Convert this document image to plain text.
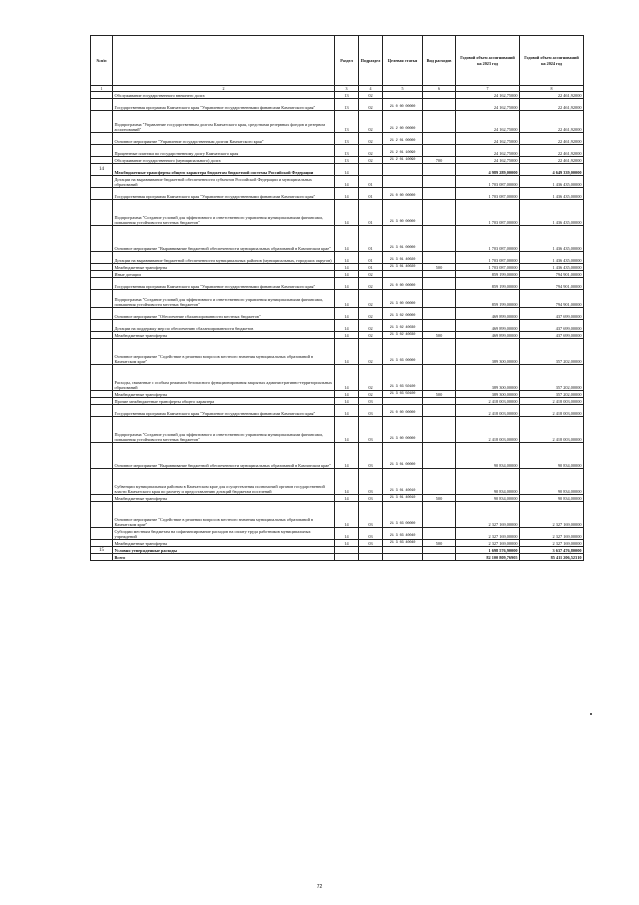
№п/п		Раздел	Подраздел	Целевая статья	Вид расходов	Годовой объем ассигнований на 2023 год	Годовой объем ассигнований на 2024 год
1	2	3	4	5	6	7	8
	Обслуживание государственного внешнего долга	13	02			24 162,75000	22 461,92000
	Государственная программа Камчатского края "Управление государственными финансами Камчатского края"	13	02	21 0 00 00000		24 162,75000	22 461,92000
	Подпрограмма "Управление государственным долгом Камчатского края, средствами резервных фондов и резервом ассигнований"	13	02	21 2 00 00000		24 162,75000	22 461,92000
	Основное мероприятие "Управление государственным долгом Камчатского края"	13	02	21 2 01 00000		24 162,75000	22 461,92000
	Процентные платежи по государственному долгу Камчатского края	13	02	21 2 01 10090		24 162,75000	22 461,92000
	Обслуживание государственного (муниципального) долга	13	02	21 2 01 10090	700	24 162,75000	22 461,92000
14	Межбюджетные трансферты общего характера бюджетам бюджетной системы Российской Федерации	14				4 989 289,00000	4 649 339,00000
	Дотации на выравнивание бюджетной обеспеченности субъектов Российской Федерации и муниципальных образований	14	01			1 703 087,00000	1 436 435,00000
	Государственная программа Камчатского края "Управление государственными финансами Камчатского края"	14	01	21 0 00 00000		1 703 087,00000	1 436 435,00000
	Подпрограмма "Создание условий для эффективного и ответственного управления муниципальными финансами, повышения устойчивости местных бюджетов"	14	01	21 3 00 00000		1 703 087,00000	1 436 435,00000
	Основное мероприятие "Выравнивание бюджетной обеспеченности муниципальных образований в Камчатском крае"	14	01	21 3 01 00000		1 703 087,00000	1 436 435,00000
	Дотации на выравнивание бюджетной обеспеченности муниципальных районов (муниципальных, городских округов)	14	01	21 3 01 40020		1 703 087,00000	1 436 435,00000
	Межбюджетные трансферты	14	01	21 3 01 40020	500	1 703 087,00000	1 436 435,00000
	Иные дотации	14	02			859 199,00000	794 901,00000
	Государственная программа Камчатского края "Управление государственными финансами Камчатского края"	14	02	21 0 00 00000		859 199,00000	794 901,00000
	Подпрограмма "Создание условий для эффективного и ответственного управления муниципальными финансами, повышения устойчивости местных бюджетов"	14	02	21 3 00 00000		859 199,00000	794 901,00000
	Основное мероприятие "Обеспечение сбалансированности местных бюджетов"	14	02	21 3 02 00000		469 899,00000	437 699,00000
	Дотации на поддержку мер по обеспечению сбалансированности бюджетов	14	02	21 3 02 40030		469 899,00000	437 699,00000
	Межбюджетные трансферты	14	02	21 3 02 40030	500	469 899,00000	437 699,00000
	Основное мероприятие "Содействие в решении вопросов местного значения муниципальных образований в Камчатском крае"	14	02	21 3 03 00000		389 300,00000	357 202,00000
	Расходы, связанные с особым режимом безопасного функционирования закрытых административно-территориальных образований	14	02	21 3 03 50100		389 300,00000	357 202,00000
	Межбюджетные трансферты	14	02	21 3 03 50100	500	389 300,00000	357 202,00000
	Прочие межбюджетные трансферты общего характера	14	03			2 418 003,00000	2 418 003,00000
	Государственная программа Камчатского края "Управление государственными финансами Камчатского края"	14	03	21 0 00 00000		2 418 003,00000	2 418 003,00000
	Подпрограмма "Создание условий для эффективного и ответственного управления муниципальными финансами, повышения устойчивости местных бюджетов"	14	03	21 3 00 00000		2 418 003,00000	2 418 003,00000
	Основное мероприятие "Выравнивание бюджетной обеспеченности муниципальных образований в Камчатском крае"	14	03	21 3 01 00000		90 834,00000	90 834,00000
	Субвенции муниципальным районам в Камчатском крае для осуществления полномочий органов государственной власти Камчатского края по расчету и предоставлению дотаций бюджетам поселений	14	03	21 3 01 40010		90 834,00000	90 834,00000
	Межбюджетные трансферты	14	03	21 3 01 40010	500	90 834,00000	90 834,00000
	Основное мероприятие "Содействие в решении вопросов местного значения муниципальных образований в Камчатском крае"	14	03	21 3 03 00000		2 327 169,00000	2 327 169,00000
	Субсидии местным бюджетам на софинансирование расходов на оплату труда работников муниципальных учреждений	14	03	21 3 03 40040		2 327 169,00000	2 327 169,00000
	Межбюджетные трансферты	14	03	21 3 03 40040	500	2 327 169,00000	2 327 169,00000
15	Условно утвержденные расходы					1 698 576,90000	3 637 476,80000
	Всего					82 100 809,76905	85 411 206,52310
72
